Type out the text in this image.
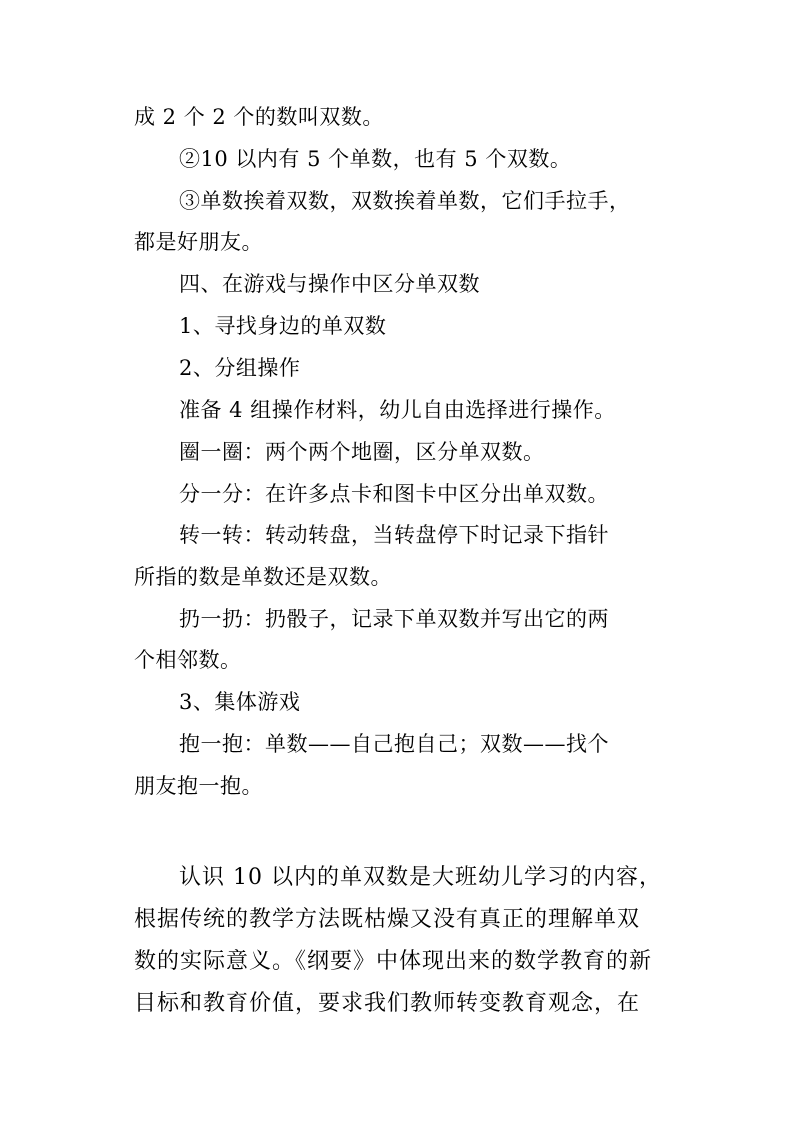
成 2 个 2 个的数叫双数。
②10 以内有 5 个单数，也有 5 个双数。
③单数挨着双数，双数挨着单数，它们手拉手，
都是好朋友。
四、在游戏与操作中区分单双数
1、寻找身边的单双数
2、分组操作
准备 4 组操作材料，幼儿自由选择进行操作。
圈一圈：两个两个地圈，区分单双数。
分一分：在许多点卡和图卡中区分出单双数。
转一转：转动转盘，当转盘停下时记录下指针
所指的数是单数还是双数。
扔一扔：扔骰子，记录下单双数并写出它的两
个相邻数。
3、集体游戏
抱一抱：单数——自己抱自己；双数——找个
朋友抱一抱。
认识 10 以内的单双数是大班幼儿学习的内容，
根据传统的教学方法既枯燥又没有真正的理解单双
数的实际意义。《纲要》中体现出来的数学教育的新
目标和教育价值，要求我们教师转变教育观念，在
